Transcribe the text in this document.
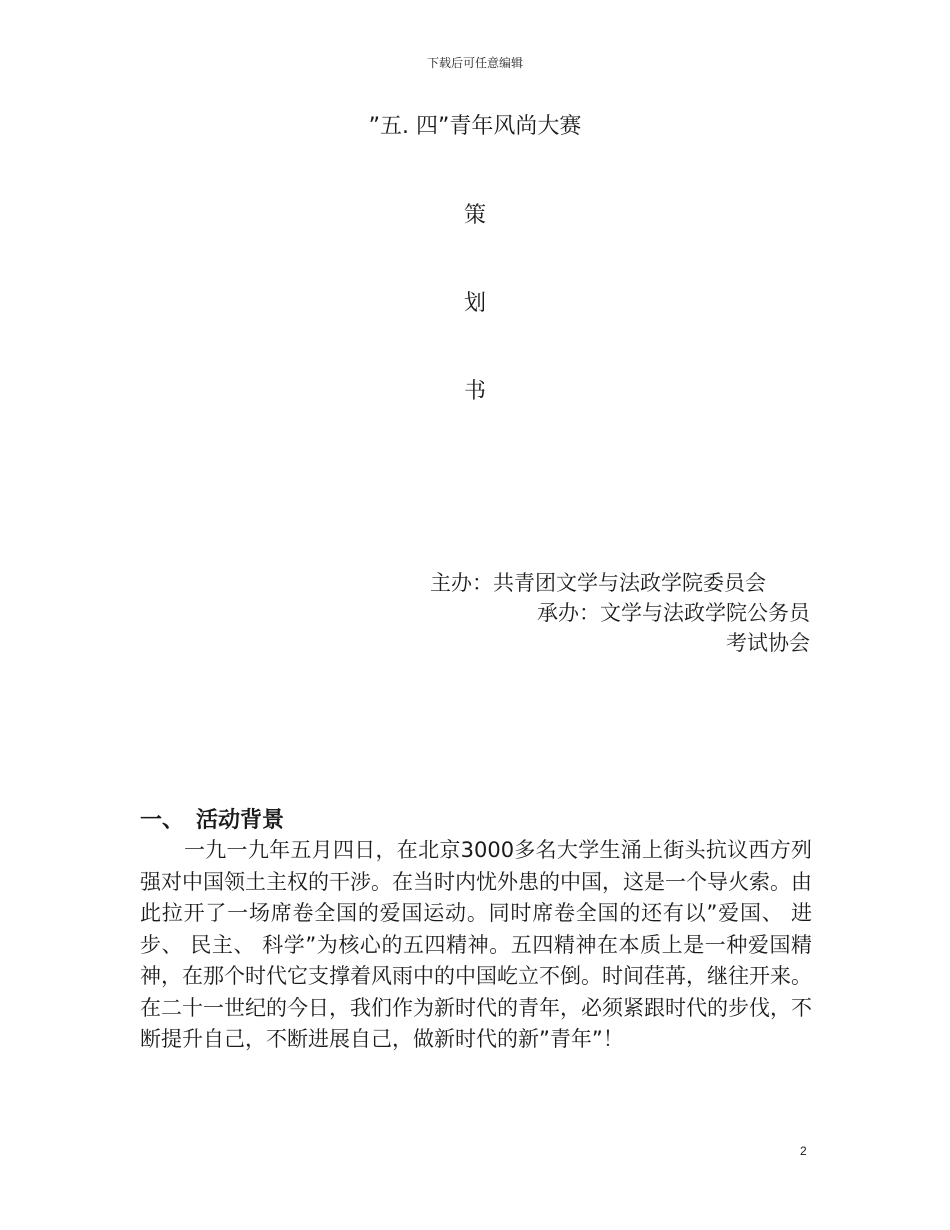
下载后可任意编辑
”五. 四”青年风尚大赛
策
划
书
主办：共青团文学与法政学院委员会
承办：文学与法政学院公务员
考试协会
一、 活动背景

一九一九年五月四日，在北京3000多名大学生涌上街头抗议西方列强对中国领土主权的干涉。在当时内忧外患的中国，这是一个导火索。由此拉开了一场席卷全国的爱国运动。同时席卷全国的还有以”爱国、 进步、 民主、 科学”为核心的五四精神。五四精神在本质上是一种爱国精神，在那个时代它支撑着风雨中的中国屹立不倒。时间荏苒，继往开来。在二十一世纪的今日，我们作为新时代的青年，必须紧跟时代的步伐，不断提升自己，不断进展自己，做新时代的新”青年”！

2
